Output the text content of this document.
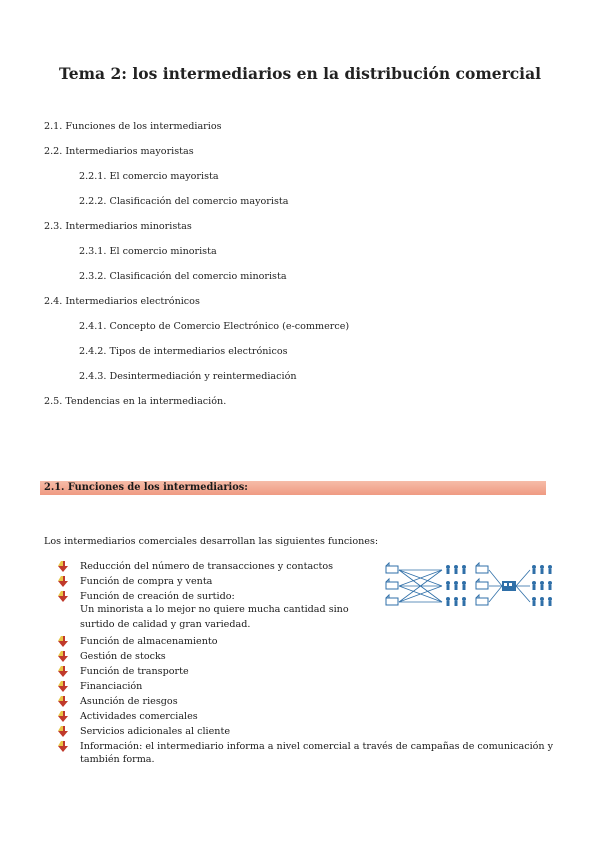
Tema 2: los intermediarios en la distribución comercial
2.1. Funciones de los intermediarios
2.2. Intermediarios mayoristas
2.2.1. El comercio mayorista
2.2.2. Clasificación del comercio mayorista
2.3. Intermediarios minoristas
2.3.1. El comercio minorista
2.3.2. Clasificación del comercio minorista
2.4. Intermediarios electrónicos
2.4.1. Concepto de Comercio Electrónico (e-commerce)
2.4.2. Tipos de intermediarios electrónicos
2.4.3. Desintermediación y reintermediación
2.5. Tendencias en la intermediación.
2.1. Funciones de los intermediarios:
Los intermediarios comerciales desarrollan las siguientes funciones:
Reducción del número de transacciones y contactos
Función de compra y venta
Función de creación de surtido:
Función de almacenamiento
Gestión de stocks
Función de transporte
Financiación
Asunción de riesgos
Actividades comerciales
Servicios adicionales al cliente
Información: el intermediario informa a nivel comercial a través de campañas de comunicación y
Un minorista a lo mejor no quiere mucha cantidad sino
surtido de calidad y gran variedad.
también forma.
